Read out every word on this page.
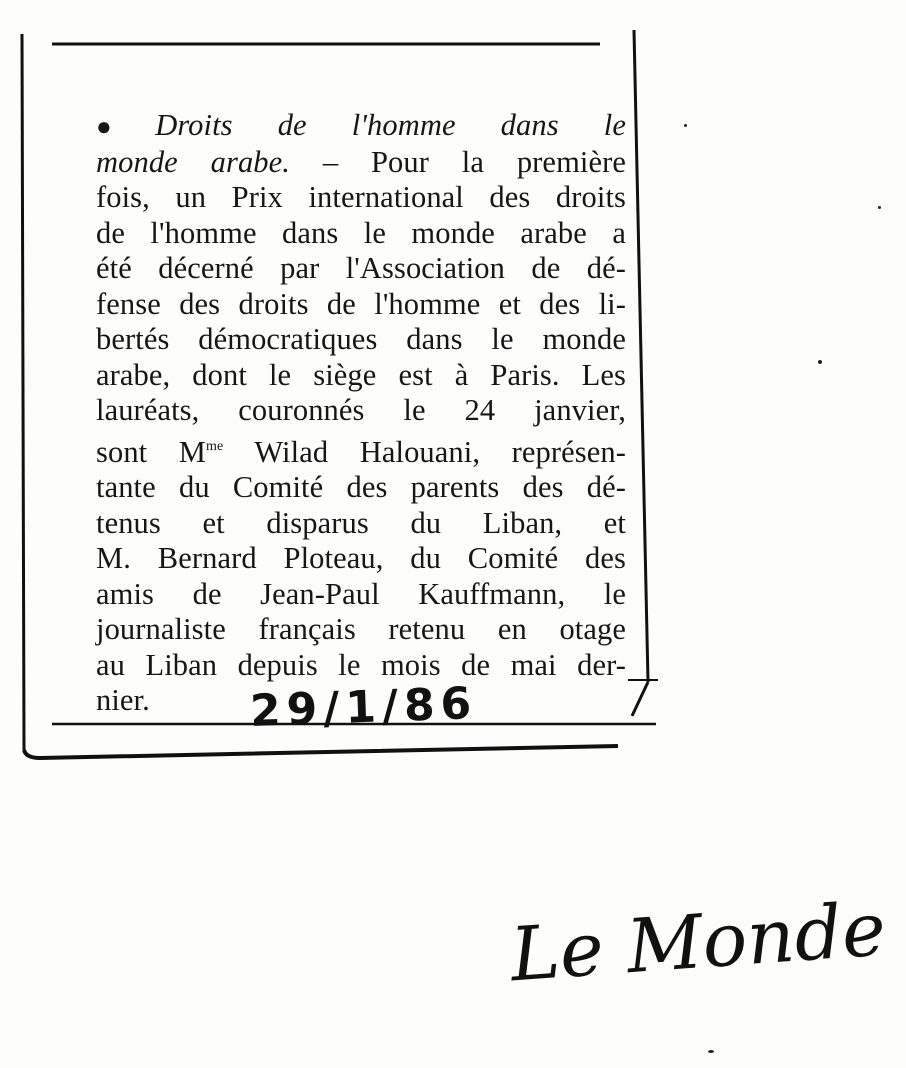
● Droits de l'homme dans le
monde arabe. – Pour la première
fois, un Prix international des droits
de l'homme dans le monde arabe a
été décerné par l'Association de dé-
fense des droits de l'homme et des li-
bertés démocratiques dans le monde
arabe, dont le siège est à Paris. Les
lauréats, couronnés le 24 janvier,
sont $M^{me}$ Wilad Halouani, représen-
tante du Comité des parents des dé-
tenus et disparus du Liban, et
M. Bernard Ploteau, du Comité des
amis de Jean-Paul Kauffmann, le
journaliste français retenu en otage
au Liban depuis le mois de mai der-
nier.	29/1/86
Le Monde
